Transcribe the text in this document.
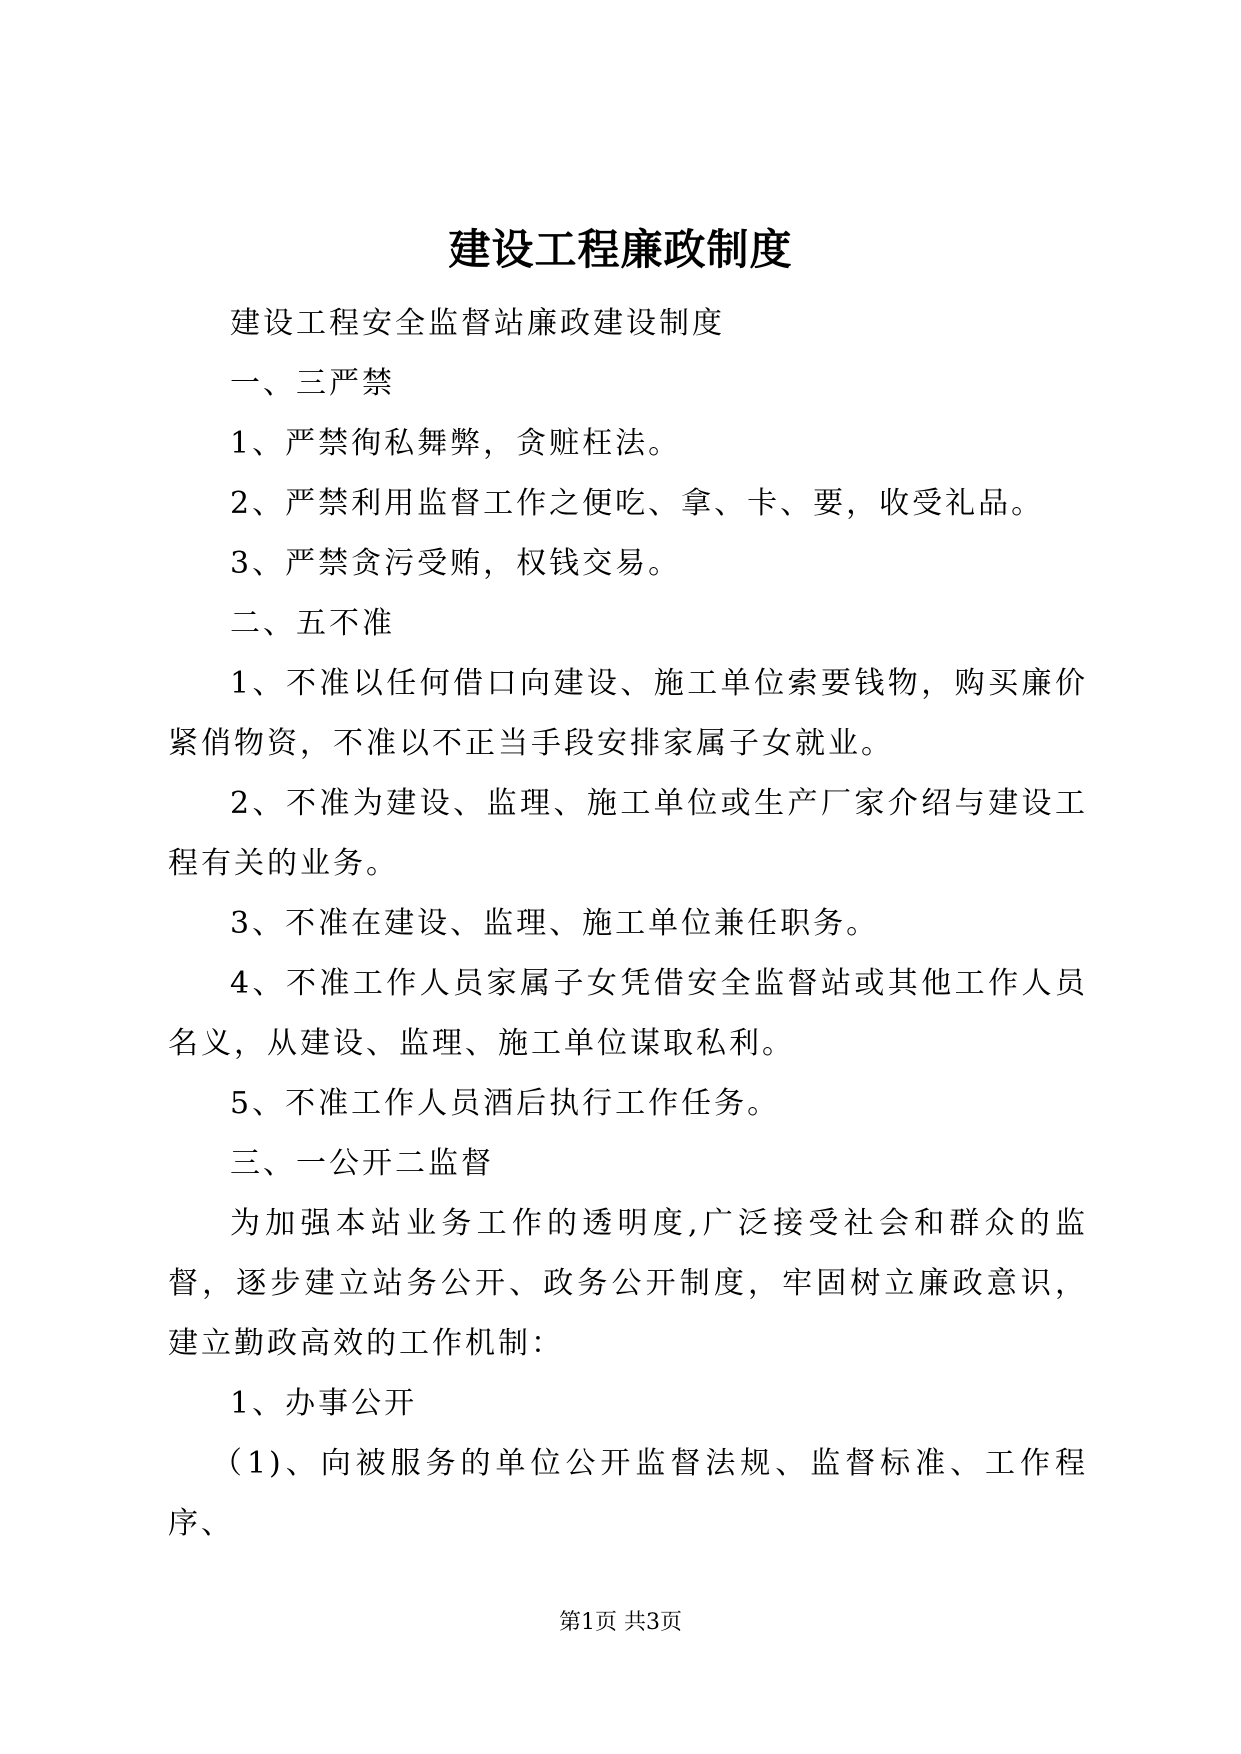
建设工程廉政制度

建设工程安全监督站廉政建设制度

一、三严禁

1、严禁徇私舞弊，贪赃枉法。

2、严禁利用监督工作之便吃、拿、卡、要，收受礼品。

3、严禁贪污受贿，权钱交易。

二、五不准

1、不准以任何借口向建设、施工单位索要钱物，购买廉价紧俏物资，不准以不正当手段安排家属子女就业。

2、不准为建设、监理、施工单位或生产厂家介绍与建设工程有关的业务。

3、不准在建设、监理、施工单位兼任职务。

4、不准工作人员家属子女凭借安全监督站或其他工作人员名义，从建设、监理、施工单位谋取私利。

5、不准工作人员酒后执行工作任务。

三、一公开二监督

为加强本站业务工作的透明度,广泛接受社会和群众的监督，逐步建立站务公开、政务公开制度，牢固树立廉政意识，建立勤政高效的工作机制：

1、办事公开

（1)、向被服务的单位公开监督法规、监督标准、工作程序、

第1页 共3页
